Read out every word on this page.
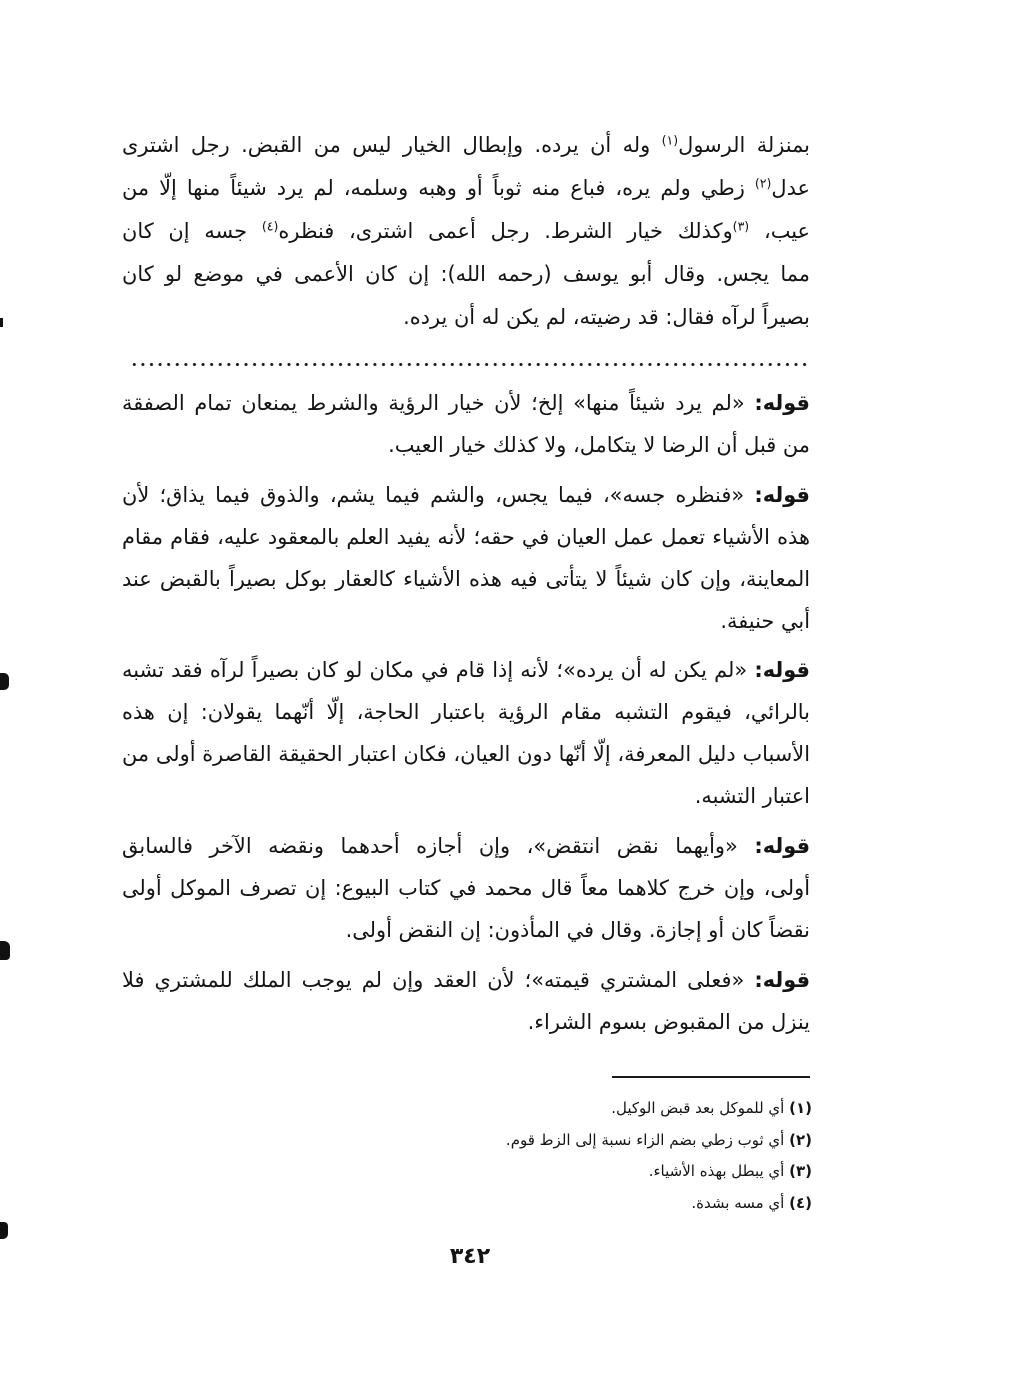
بمنزلة الرسول$^{(١)}$ وله أن يرده. وإبطال الخيار ليس من القبض. رجل اشترى
عدل$^{(٢)}$ زطي ولم يره، فباع منه ثوباً أو وهبه وسلمه، لم يرد شيئاً منها إلّا من
عيب، $^{(٣)}$وكذلك خيار الشرط. رجل أعمى اشترى، فنظره$^{(٤)}$ جسه إن كان
مما يجس. وقال أبو يوسف (رحمه الله): إن كان الأعمى في موضع لو كان
بصيراً لرآه فقال: قد رضيته، لم يكن له أن يرده.
قوله: «لم يرد شيئاً منها» إلخ؛ لأن خيار الرؤية والشرط يمنعان تمام الصفقة
من قبل أن الرضا لا يتكامل، ولا كذلك خيار العيب.
قوله: «فنظره جسه»، فيما يجس، والشم فيما يشم، والذوق فيما يذاق؛ لأن
هذه الأشياء تعمل عمل العيان في حقه؛ لأنه يفيد العلم بالمعقود عليه، فقام مقام
المعاينة، وإن كان شيئاً لا يتأتى فيه هذه الأشياء كالعقار بوكل بصيراً بالقبض عند
أبي حنيفة.
قوله: «لم يكن له أن يرده»؛ لأنه إذا قام في مكان لو كان بصيراً لرآه فقد تشبه
بالرائي، فيقوم التشبه مقام الرؤية باعتبار الحاجة، إلّا أنّهما يقولان: إن هذه
الأسباب دليل المعرفة، إلّا أنّها دون العيان، فكان اعتبار الحقيقة القاصرة أولى من
اعتبار التشبه.
قوله: «وأيهما نقض انتقض»، وإن أجازه أحدهما ونقضه الآخر فالسابق
أولى، وإن خرج كلاهما معاً قال محمد في كتاب البيوع: إن تصرف الموكل أولى
نقضاً كان أو إجازة. وقال في المأذون: إن النقض أولى.
قوله: «فعلى المشتري قيمته»؛ لأن العقد وإن لم يوجب الملك للمشتري فلا
ينزل من المقبوض بسوم الشراء.
(١) أي للموكل بعد قبض الوكيل.
(٢) أي ثوب زطي بضم الزاء نسبة إلى الزط قوم.
(٣) أي يبطل بهذه الأشياء.
(٤) أي مسه بشدة.
٣٤٢
